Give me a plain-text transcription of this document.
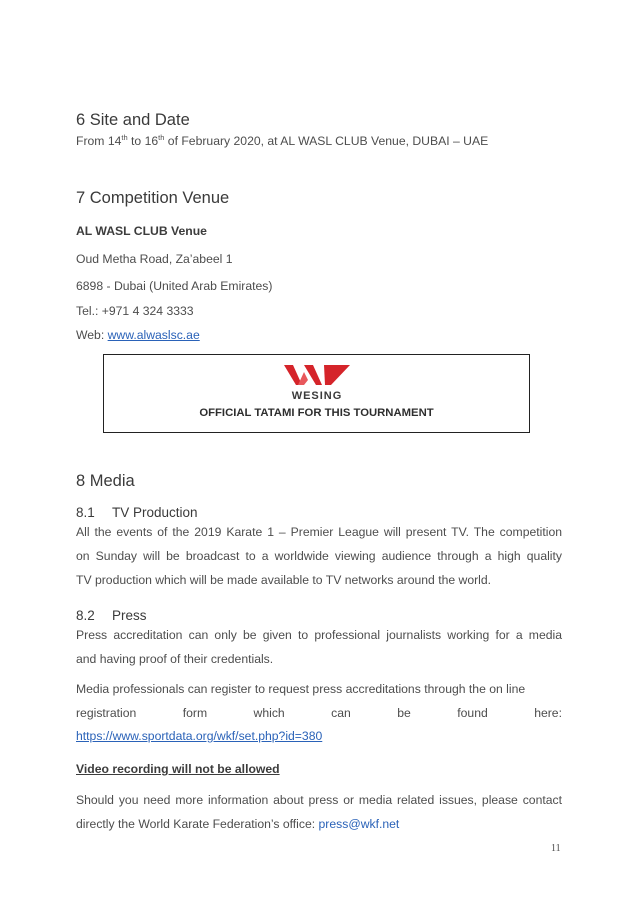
6 Site and Date
From 14th to 16th of February 2020, at AL WASL CLUB Venue, DUBAI – UAE
7 Competition Venue
AL WASL CLUB Venue
Oud Metha Road, Za’abeel 1
6898 - Dubai (United Arab Emirates)
Tel.: +971 4 324 3333
Web: www.alwaslsc.ae
WESING
OFFICIAL TATAMI FOR THIS TOURNAMENT
8 Media
8.1 TV Production
All the events of the 2019 Karate 1 – Premier League will present TV. The competition
on Sunday will be broadcast to a worldwide viewing audience through a high quality
TV production which will be made available to TV networks around the world.
8.2 Press
Press accreditation can only be given to professional journalists working for a media
and having proof of their credentials.
Media professionals can register to request press accreditations through the on line
registration	form	which	can	be	found	here:
https://www.sportdata.org/wkf/set.php?id=380
Video recording will not be allowed
Should you need more information about press or media related issues, please contact
directly the World Karate Federation’s office: press@wkf.net
11
